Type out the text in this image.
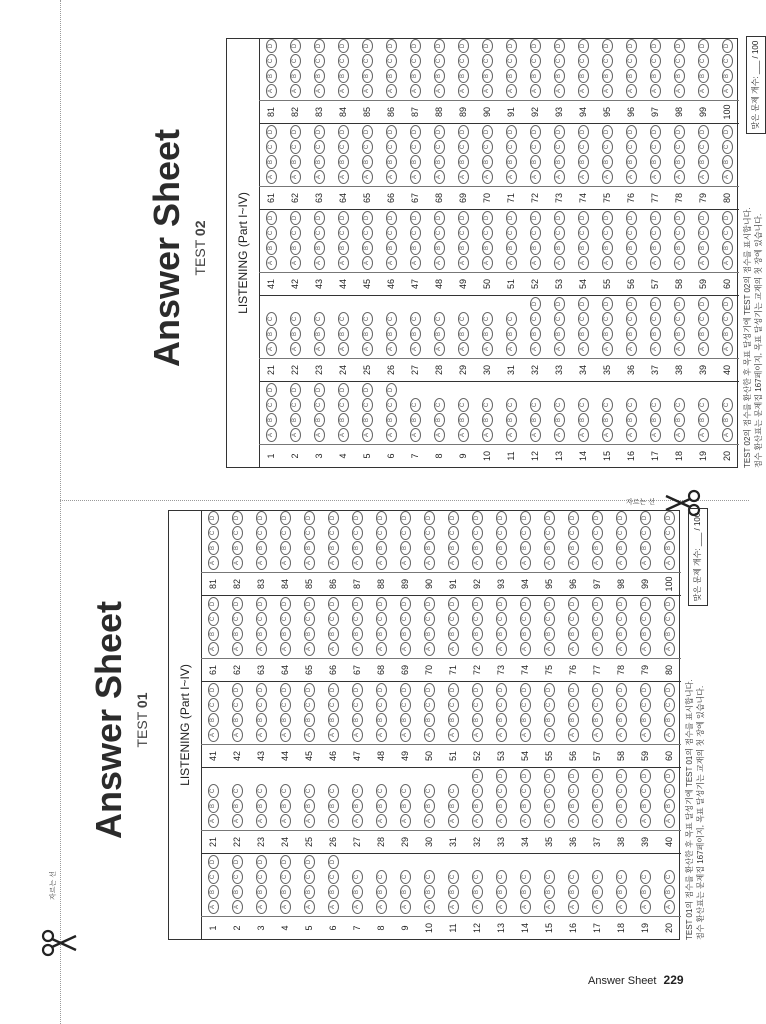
자르는 선
자르는 선
Answer Sheet TEST 01	LISTENING (Part I~IV)
1
A
B
C
D
2
A
B
C
D
3
A
B
C
D
4
A
B
C
D
5
A
B
C
D
6
A
B
C
D
7
A
B
C
8
A
B
C
9
A
B
C
10
A
B
C
11
A
B
C
12
A
B
C
13
A
B
C
14
A
B
C
15
A
B
C
16
A
B
C
17
A
B
C
18
A
B
C
19
A
B
C
20
A
B
C
21
A
B
C
22
A
B
C
23
A
B
C
24
A
B
C
25
A
B
C
26
A
B
C
27
A
B
C
28
A
B
C
29
A
B
C
30
A
B
C
31
A
B
C
32
A
B
C
D
33
A
B
C
D
34
A
B
C
D
35
A
B
C
D
36
A
B
C
D
37
A
B
C
D
38
A
B
C
D
39
A
B
C
D
40
A
B
C
D
41
A
B
C
D
42
A
B
C
D
43
A
B
C
D
44
A
B
C
D
45
A
B
C
D
46
A
B
C
D
47
A
B
C
D
48
A
B
C
D
49
A
B
C
D
50
A
B
C
D
51
A
B
C
D
52
A
B
C
D
53
A
B
C
D
54
A
B
C
D
55
A
B
C
D
56
A
B
C
D
57
A
B
C
D
58
A
B
C
D
59
A
B
C
D
60
A
B
C
D
61
A
B
C
D
62
A
B
C
D
63
A
B
C
D
64
A
B
C
D
65
A
B
C
D
66
A
B
C
D
67
A
B
C
D
68
A
B
C
D
69
A
B
C
D
70
A
B
C
D
71
A
B
C
D
72
A
B
C
D
73
A
B
C
D
74
A
B
C
D
75
A
B
C
D
76
A
B
C
D
77
A
B
C
D
78
A
B
C
D
79
A
B
C
D
80
A
B
C
D
81
A
B
C
D
82
A
B
C
D
83
A
B
C
D
84
A
B
C
D
85
A
B
C
D
86
A
B
C
D
87
A
B
C
D
88
A
B
C
D
89
A
B
C
D
90
A
B
C
D
91
A
B
C
D
92
A
B
C
D
93
A
B
C
D
94
A
B
C
D
95
A
B
C
D
96
A
B
C
D
97
A
B
C
D
98
A
B
C
D
99
A
B
C
D
100
A
B
C
D
TEST 01의 점수를 환산한 후 목표 달성기에 TEST 01의 점수를 표시합니다. 점수 환산표는 문제집 167페이지, 목표 달성기는 교재의 첫 장에 있습니다.
맞은 문제 개수: ___ / 100
Answer Sheet TEST 02	LISTENING (Part I~IV)
1
A
B
C
D
2
A
B
C
D
3
A
B
C
D
4
A
B
C
D
5
A
B
C
D
6
A
B
C
D
7
A
B
C
8
A
B
C
9
A
B
C
10
A
B
C
11
A
B
C
12
A
B
C
13
A
B
C
14
A
B
C
15
A
B
C
16
A
B
C
17
A
B
C
18
A
B
C
19
A
B
C
20
A
B
C
21
A
B
C
22
A
B
C
23
A
B
C
24
A
B
C
25
A
B
C
26
A
B
C
27
A
B
C
28
A
B
C
29
A
B
C
30
A
B
C
31
A
B
C
32
A
B
C
D
33
A
B
C
D
34
A
B
C
D
35
A
B
C
D
36
A
B
C
D
37
A
B
C
D
38
A
B
C
D
39
A
B
C
D
40
A
B
C
D
41
A
B
C
D
42
A
B
C
D
43
A
B
C
D
44
A
B
C
D
45
A
B
C
D
46
A
B
C
D
47
A
B
C
D
48
A
B
C
D
49
A
B
C
D
50
A
B
C
D
51
A
B
C
D
52
A
B
C
D
53
A
B
C
D
54
A
B
C
D
55
A
B
C
D
56
A
B
C
D
57
A
B
C
D
58
A
B
C
D
59
A
B
C
D
60
A
B
C
D
61
A
B
C
D
62
A
B
C
D
63
A
B
C
D
64
A
B
C
D
65
A
B
C
D
66
A
B
C
D
67
A
B
C
D
68
A
B
C
D
69
A
B
C
D
70
A
B
C
D
71
A
B
C
D
72
A
B
C
D
73
A
B
C
D
74
A
B
C
D
75
A
B
C
D
76
A
B
C
D
77
A
B
C
D
78
A
B
C
D
79
A
B
C
D
80
A
B
C
D
81
A
B
C
D
82
A
B
C
D
83
A
B
C
D
84
A
B
C
D
85
A
B
C
D
86
A
B
C
D
87
A
B
C
D
88
A
B
C
D
89
A
B
C
D
90
A
B
C
D
91
A
B
C
D
92
A
B
C
D
93
A
B
C
D
94
A
B
C
D
95
A
B
C
D
96
A
B
C
D
97
A
B
C
D
98
A
B
C
D
99
A
B
C
D
100
A
B
C
D
TEST 02의 점수를 환산한 후 목표 달성기에 TEST 02의 점수를 표시합니다. 점수 환산표는 문제집 167페이지, 목표 달성기는 교재의 첫 장에 있습니다.
맞은 문제 개수: ___ / 100
Answer Sheet 229
